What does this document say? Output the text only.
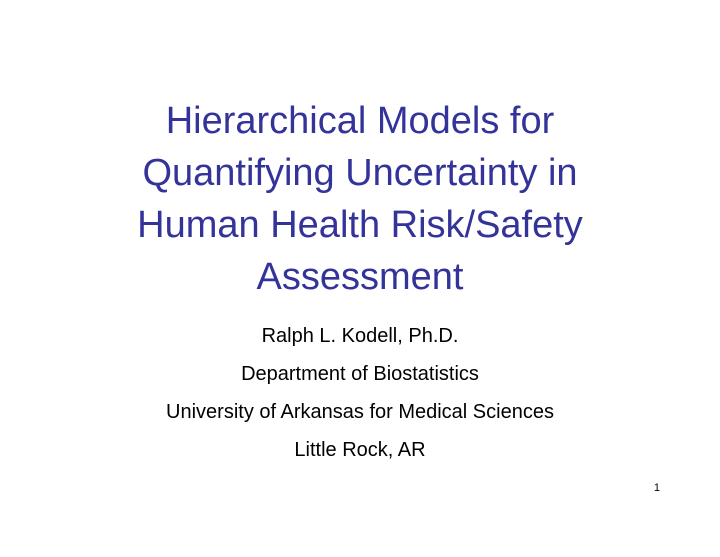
Hierarchical Models for
Quantifying Uncertainty in
Human Health Risk/Safety
Assessment
Ralph L. Kodell, Ph.D.
Department of Biostatistics
University of Arkansas for Medical Sciences
Little Rock, AR
1
